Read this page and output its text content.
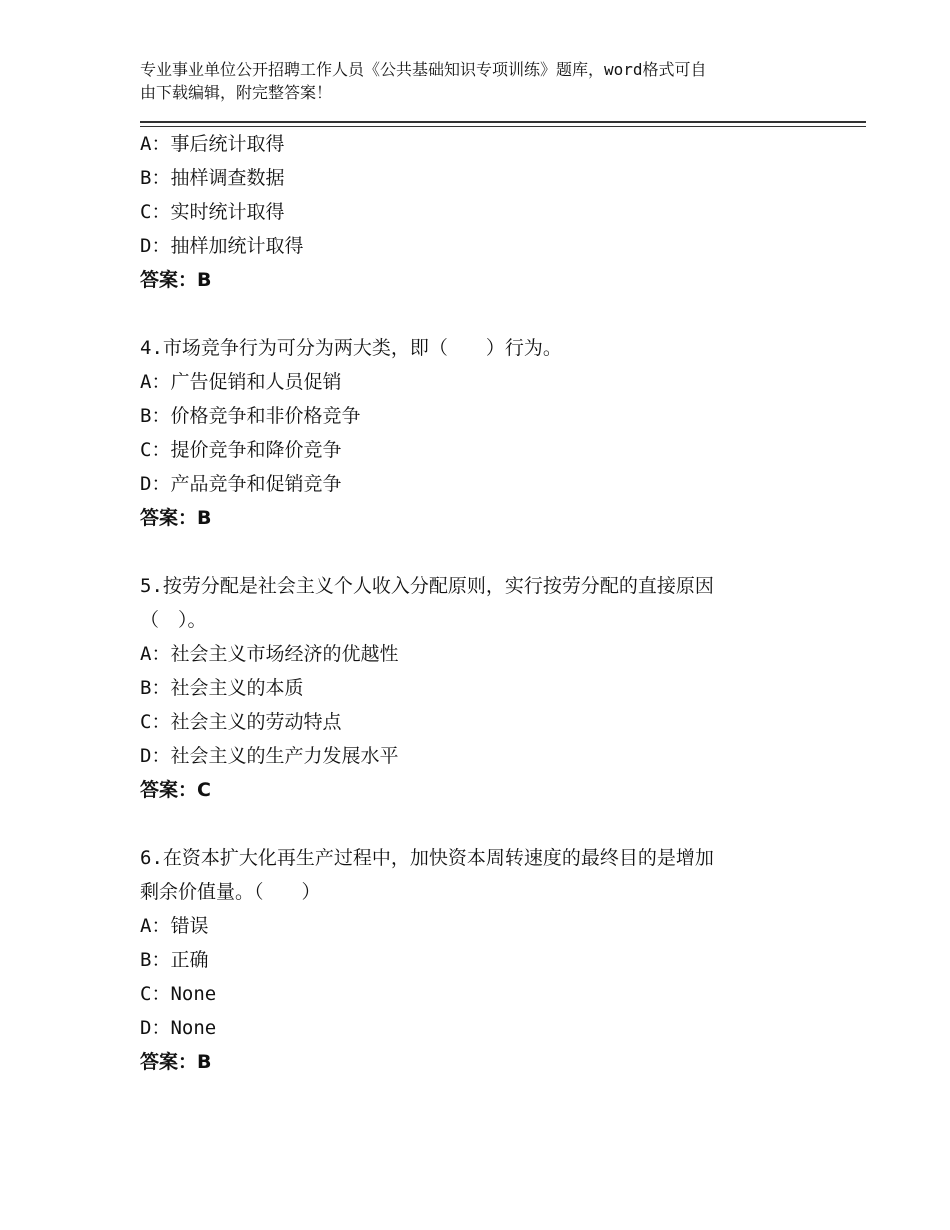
专业事业单位公开招聘工作人员《公共基础知识专项训练》题库，word格式可自
由下载编辑，附完整答案！

A：事后统计取得

B：抽样调查数据

C：实时统计取得

D：抽样加统计取得

答案：B

4.市场竞争行为可分为两大类，即（　　）行为。

A：广告促销和人员促销

B：价格竞争和非价格竞争

C：提价竞争和降价竞争

D：产品竞争和促销竞争

答案：B

5.按劳分配是社会主义个人收入分配原则，实行按劳分配的直接原因

（　）。

A：社会主义市场经济的优越性

B：社会主义的本质

C：社会主义的劳动特点

D：社会主义的生产力发展水平

答案：C

6.在资本扩大化再生产过程中，加快资本周转速度的最终目的是增加

剩余价值量。（　　）

A：错误

B：正确

C：None

D：None

答案：B
